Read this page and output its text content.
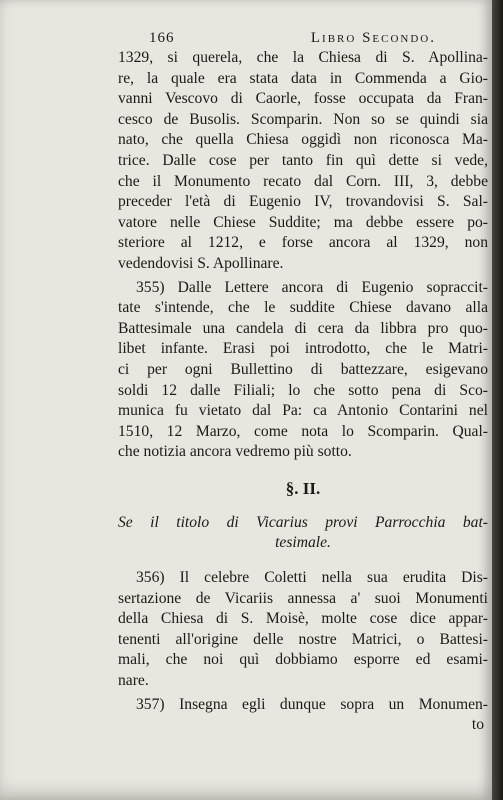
166	Libro Secondo.
1329, si querela, che la Chiesa di S. Apollina-
re, la quale era stata data in Commenda a Gio-
vanni Vescovo di Caorle, fosse occupata da Fran-
cesco de Busolis. Scomparin. Non so se quindi sia
nato, che quella Chiesa oggidì non riconosca Ma-
trice. Dalle cose per tanto fin quì dette si vede,
che il Monumento recato dal Corn. III, 3, debbe
preceder l'età di Eugenio IV, trovandovisi S. Sal-
vatore nelle Chiese Suddite; ma debbe essere po-
steriore al 1212, e forse ancora al 1329, non
vedendovisi S. Apollinare.
355) Dalle Lettere ancora di Eugenio sopraccit-
tate s'intende, che le suddite Chiese davano alla
Battesimale una candela di cera da libbra pro quo-
libet infante. Erasi poi introdotto, che le Matri-
ci per ogni Bullettino di battezzare, esigevano
soldi 12 dalle Filiali; lo che sotto pena di Sco-
munica fu vietato dal Pa: ca Antonio Contarini nel
1510, 12 Marzo, come nota lo Scomparin. Qual-
che notizia ancora vedremo più sotto.
§. II.
Se il titolo di Vicarius provi Parrocchia bat-
tesimale.
356) Il celebre Coletti nella sua erudita Dis-
sertazione de Vicariis annessa a' suoi Monumenti
della Chiesa di S. Moisè, molte cose dice appar-
tenenti all'origine delle nostre Matrici, o Battesi-
mali, che noi quì dobbiamo esporre ed esami-
nare.
357) Insegna egli dunque sopra un Monumen-
to
